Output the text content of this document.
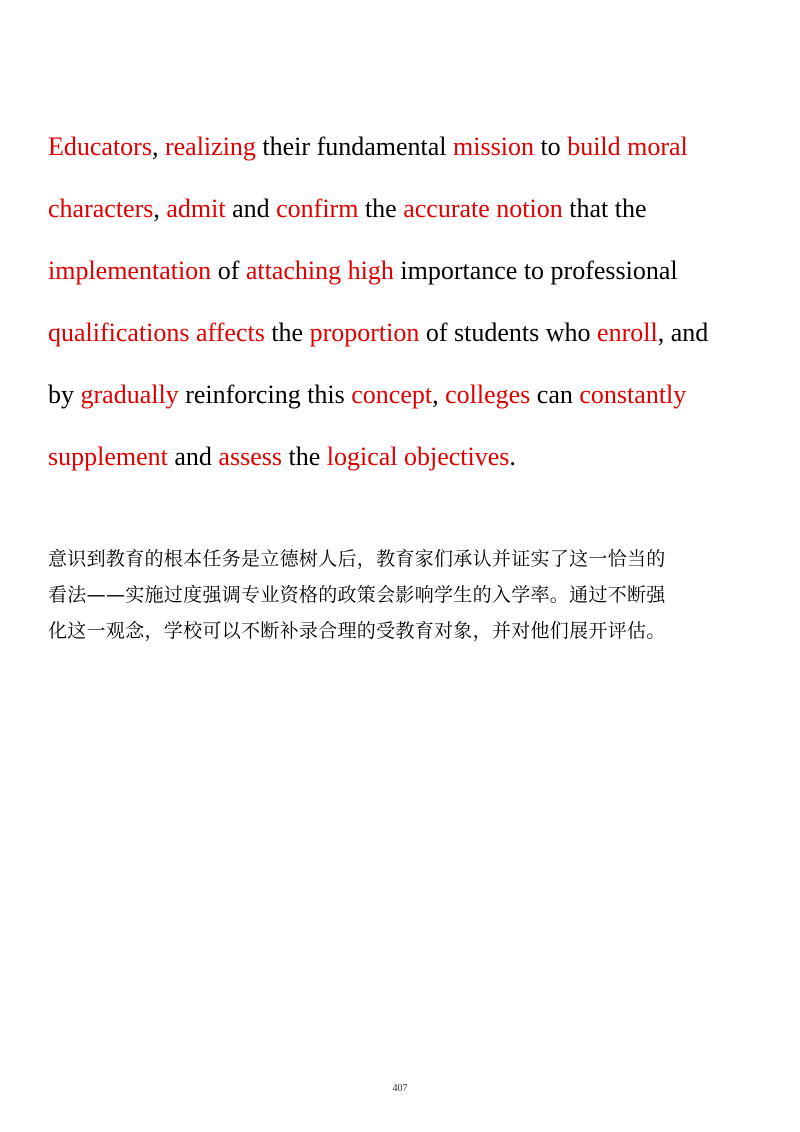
Educators, realizing their fundamental mission to build moral
characters, admit and confirm the accurate notion that the
implementation of attaching high importance to professional
qualifications affects the proportion of students who enroll, and
by gradually reinforcing this concept, colleges can constantly
supplement and assess the logical objectives.
意识到教育的根本任务是立德树人后，教育家们承认并证实了这一恰当的
看法——实施过度强调专业资格的政策会影响学生的入学率。通过不断强
化这一观念，学校可以不断补录合理的受教育对象，并对他们展开评估。
407
